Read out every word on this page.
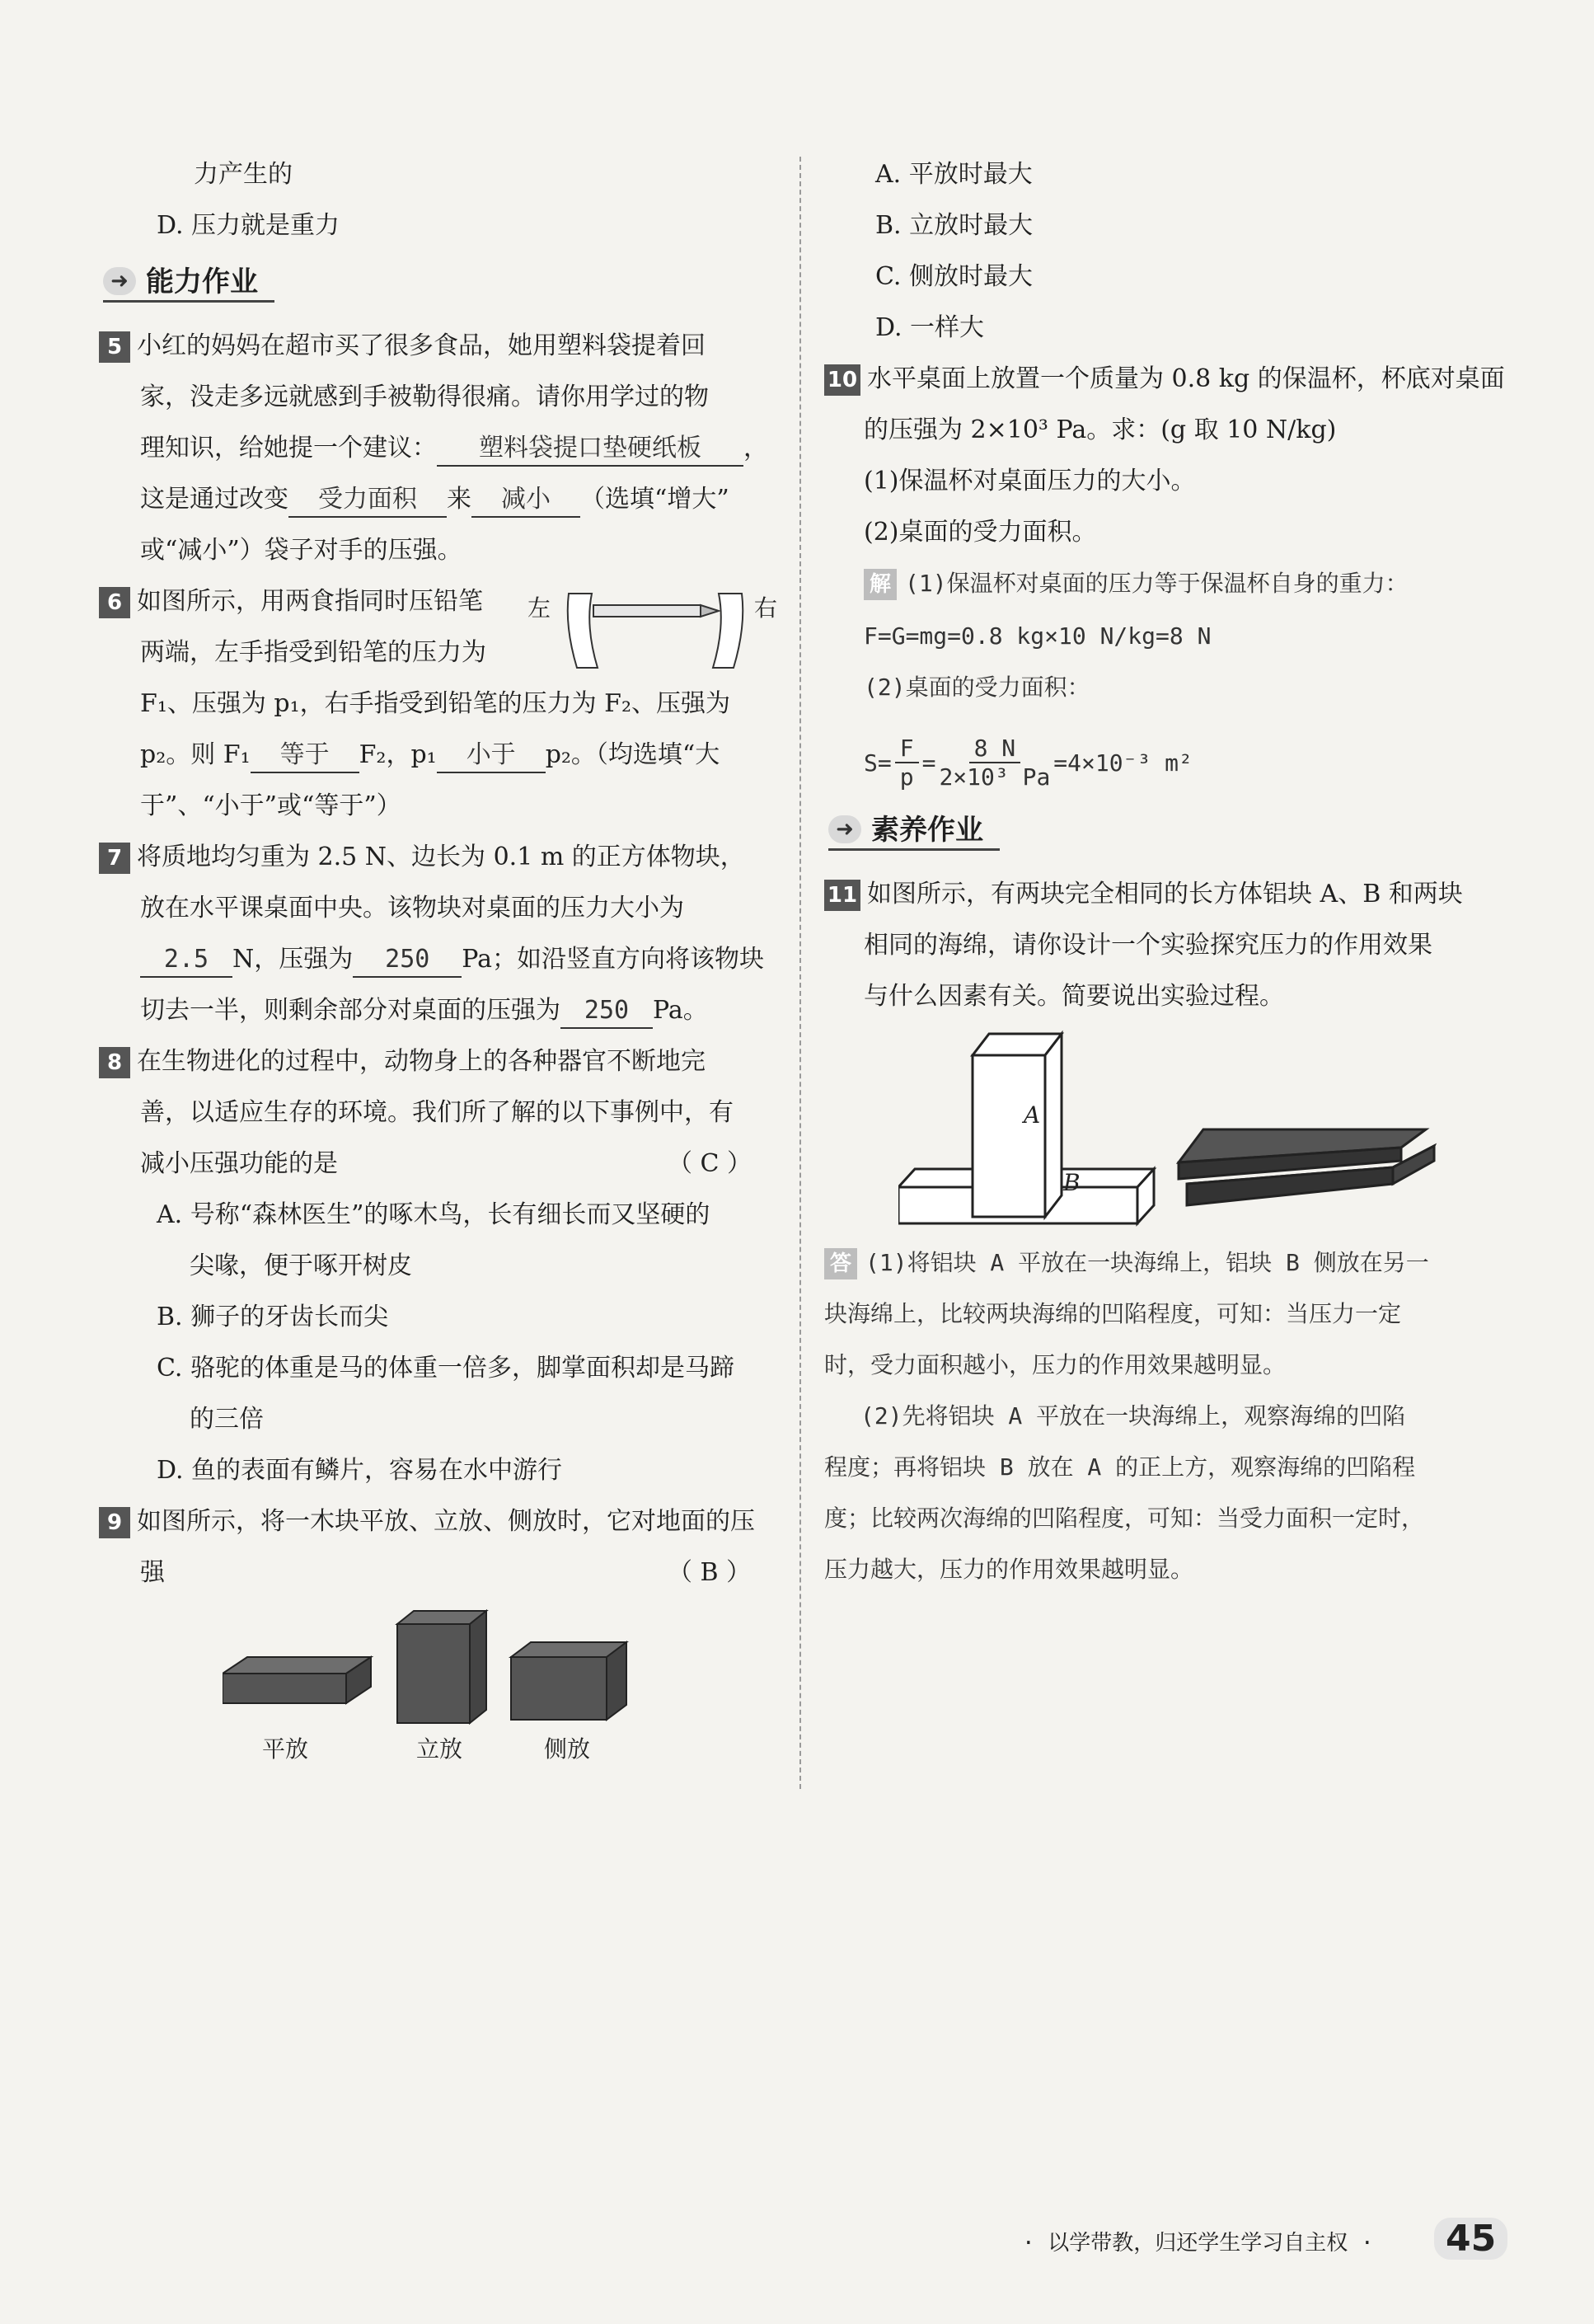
力产生的
D. 压力就是重力
➜ 能力作业
5 小红的妈妈在超市买了很多食品，她用塑料袋提着回
家，没走多远就感到手被勒得很痛。请你用学过的物
理知识，给她提一个建议： 塑料袋提口垫硬纸板 ，
这是通过改变 受力面积 来 减小 （选填“增大”
或“减小”）袋子对手的压强。
6 如图所示，用两食指同时压铅笔 左	右
两端，左手指受到铅笔的压力为
F₁、压强为 p₁，右手指受到铅笔的压力为 F₂、压强为
p₂。则 F₁ 等于 F₂，p₁ 小于 p₂。（均选填“大
于”、“小于”或“等于”）
7 将质地均匀重为 2.5 N、边长为 0.1 m 的正方体物块，
放在水平课桌面中央。该物块对桌面的压力大小为
2.5 N，压强为 250 Pa；如沿竖直方向将该物块
切去一半，则剩余部分对桌面的压强为 250 Pa。
8 在生物进化的过程中，动物身上的各种器官不断地完
善，以适应生存的环境。我们所了解的以下事例中，有
减小压强功能的是	（ C ）
A. 号称“森林医生”的啄木鸟，长有细长而又坚硬的
尖喙，便于啄开树皮
B. 狮子的牙齿长而尖
C. 骆驼的体重是马的体重一倍多，脚掌面积却是马蹄
的三倍
D. 鱼的表面有鳞片，容易在水中游行
9 如图所示，将一木块平放、立放、侧放时，它对地面的压
强	（ B ）
平放	立放	侧放
A. 平放时最大
B. 立放时最大
C. 侧放时最大
D. 一样大
10 水平桌面上放置一个质量为 0.8 kg 的保温杯，杯底对桌面
的压强为 2×10³ Pa。求：(g 取 10 N/kg)
(1)保温杯对桌面压力的大小。
(2)桌面的受力面积。
解 (1)保温杯对桌面的压力等于保温杯自身的重力：
F=G=mg=0.8 kg×10 N/kg=8 N
(2)桌面的受力面积：
$S= \frac{F}{p} = \frac{8 N}{\text{2×10³ Pa}} =4\times 10^{-3}$ m²
➜ 素养作业
11 如图所示，有两块完全相同的长方体铝块 A、B 和两块
相同的海绵，请你设计一个实验探究压力的作用效果
与什么因素有关。简要说出实验过程。
A
B
答 (1)将铝块 A 平放在一块海绵上，铝块 B 侧放在另一
块海绵上，比较两块海绵的凹陷程度，可知：当压力一定
时，受力面积越小，压力的作用效果越明显。
(2)先将铝块 A 平放在一块海绵上，观察海绵的凹陷
程度；再将铝块 B 放在 A 的正上方，观察海绵的凹陷程
度；比较两次海绵的凹陷程度，可知：当受力面积一定时，
压力越大，压力的作用效果越明显。
· 以学带教，归还学生学习自主权 ·	45
